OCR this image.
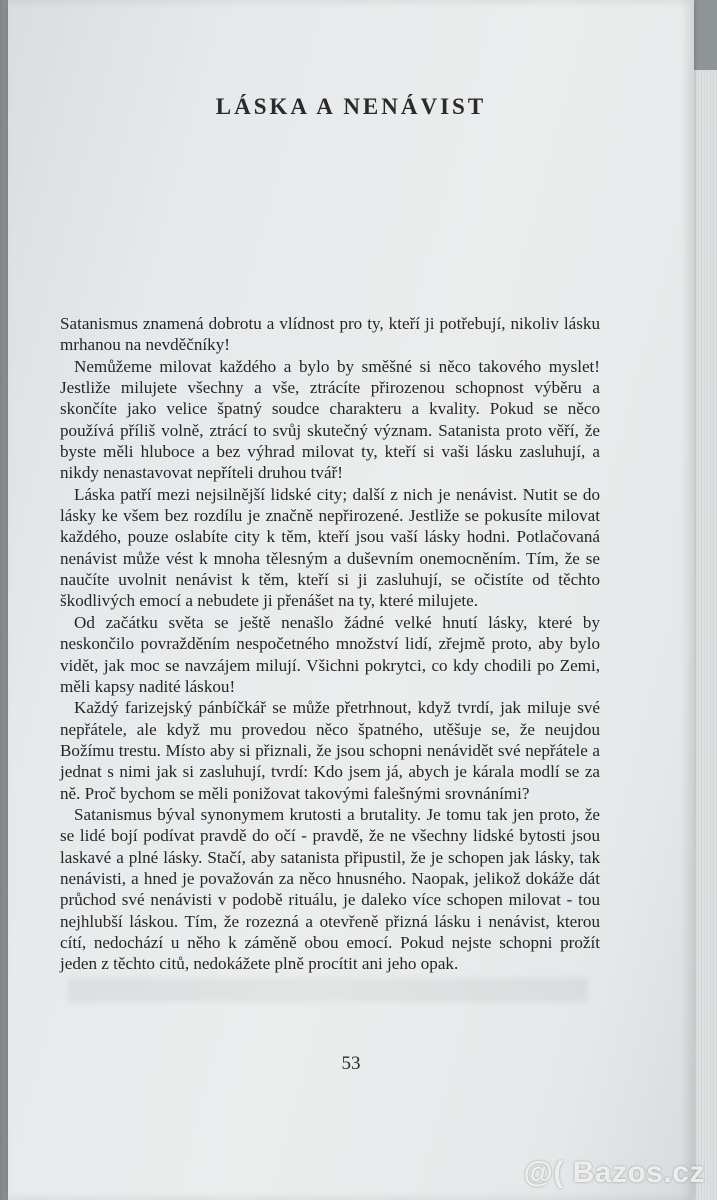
LÁSKA A NENÁVIST

Satanismus znamená dobrotu a vlídnost pro ty, kteří ji potřebují, nikoliv lásku mrhanou na nevděčníky!

Nemůžeme milovat každého a bylo by směšné si něco takového myslet! Jestliže milujete všechny a vše, ztrácíte přirozenou schopnost výběru a skončíte jako velice špatný soudce charakteru a kvality. Pokud se něco používá příliš volně, ztrácí to svůj skutečný význam. Satanista proto věří, že byste měli hluboce a bez výhrad milovat ty, kteří si vaši lásku zasluhují, a nikdy nenastavovat nepříteli druhou tvář!

Láska patří mezi nejsilnější lidské city; další z nich je nenávist. Nutit se do lásky ke všem bez rozdílu je značně nepřirozené. Jestliže se pokusíte milovat každého, pouze oslabíte city k těm, kteří jsou vaší lásky hodni. Potlačovaná nenávist může vést k mnoha tělesným a duševním onemocněním. Tím, že se naučíte uvolnit nenávist k těm, kteří si ji zasluhují, se očistíte od těchto škodlivých emocí a nebudete ji přenášet na ty, které milujete.

Od začátku světa se ještě nenašlo žádné velké hnutí lásky, které by neskončilo povražděním nespočetného množství lidí, zřejmě proto, aby bylo vidět, jak moc se navzájem milují. Všichni pokrytci, co kdy chodili po Zemi, měli kapsy nadité láskou!

Každý farizejský pánbíčkář se může přetrhnout, když tvrdí, jak miluje své nepřátele, ale když mu provedou něco špatného, utěšuje se, že neujdou Božímu trestu. Místo aby si přiznali, že jsou schopni nenávidět své nepřátele a jednat s nimi jak si zasluhují, tvrdí: Kdo jsem já, abych je kárala modlí se za ně. Proč bychom se měli ponižovat takovými falešnými srovnáními?

Satanismus býval synonymem krutosti a brutality. Je tomu tak jen proto, že se lidé bojí podívat pravdě do očí - pravdě, že ne všechny lidské bytosti jsou laskavé a plné lásky. Stačí, aby satanista připustil, že je schopen jak lásky, tak nenávisti, a hned je považován za něco hnusného. Naopak, jelikož dokáže dát průchod své nenávisti v podobě rituálu, je daleko více schopen milovat - tou nejhlubší láskou. Tím, že rozezná a otevřeně přizná lásku i nenávist, kterou cítí, nedochází u něho k záměně obou emocí. Pokud nejste schopni prožít jeden z těchto citů, nedokážete plně procítit ani jeho opak.

53
@( Bazos.cz
